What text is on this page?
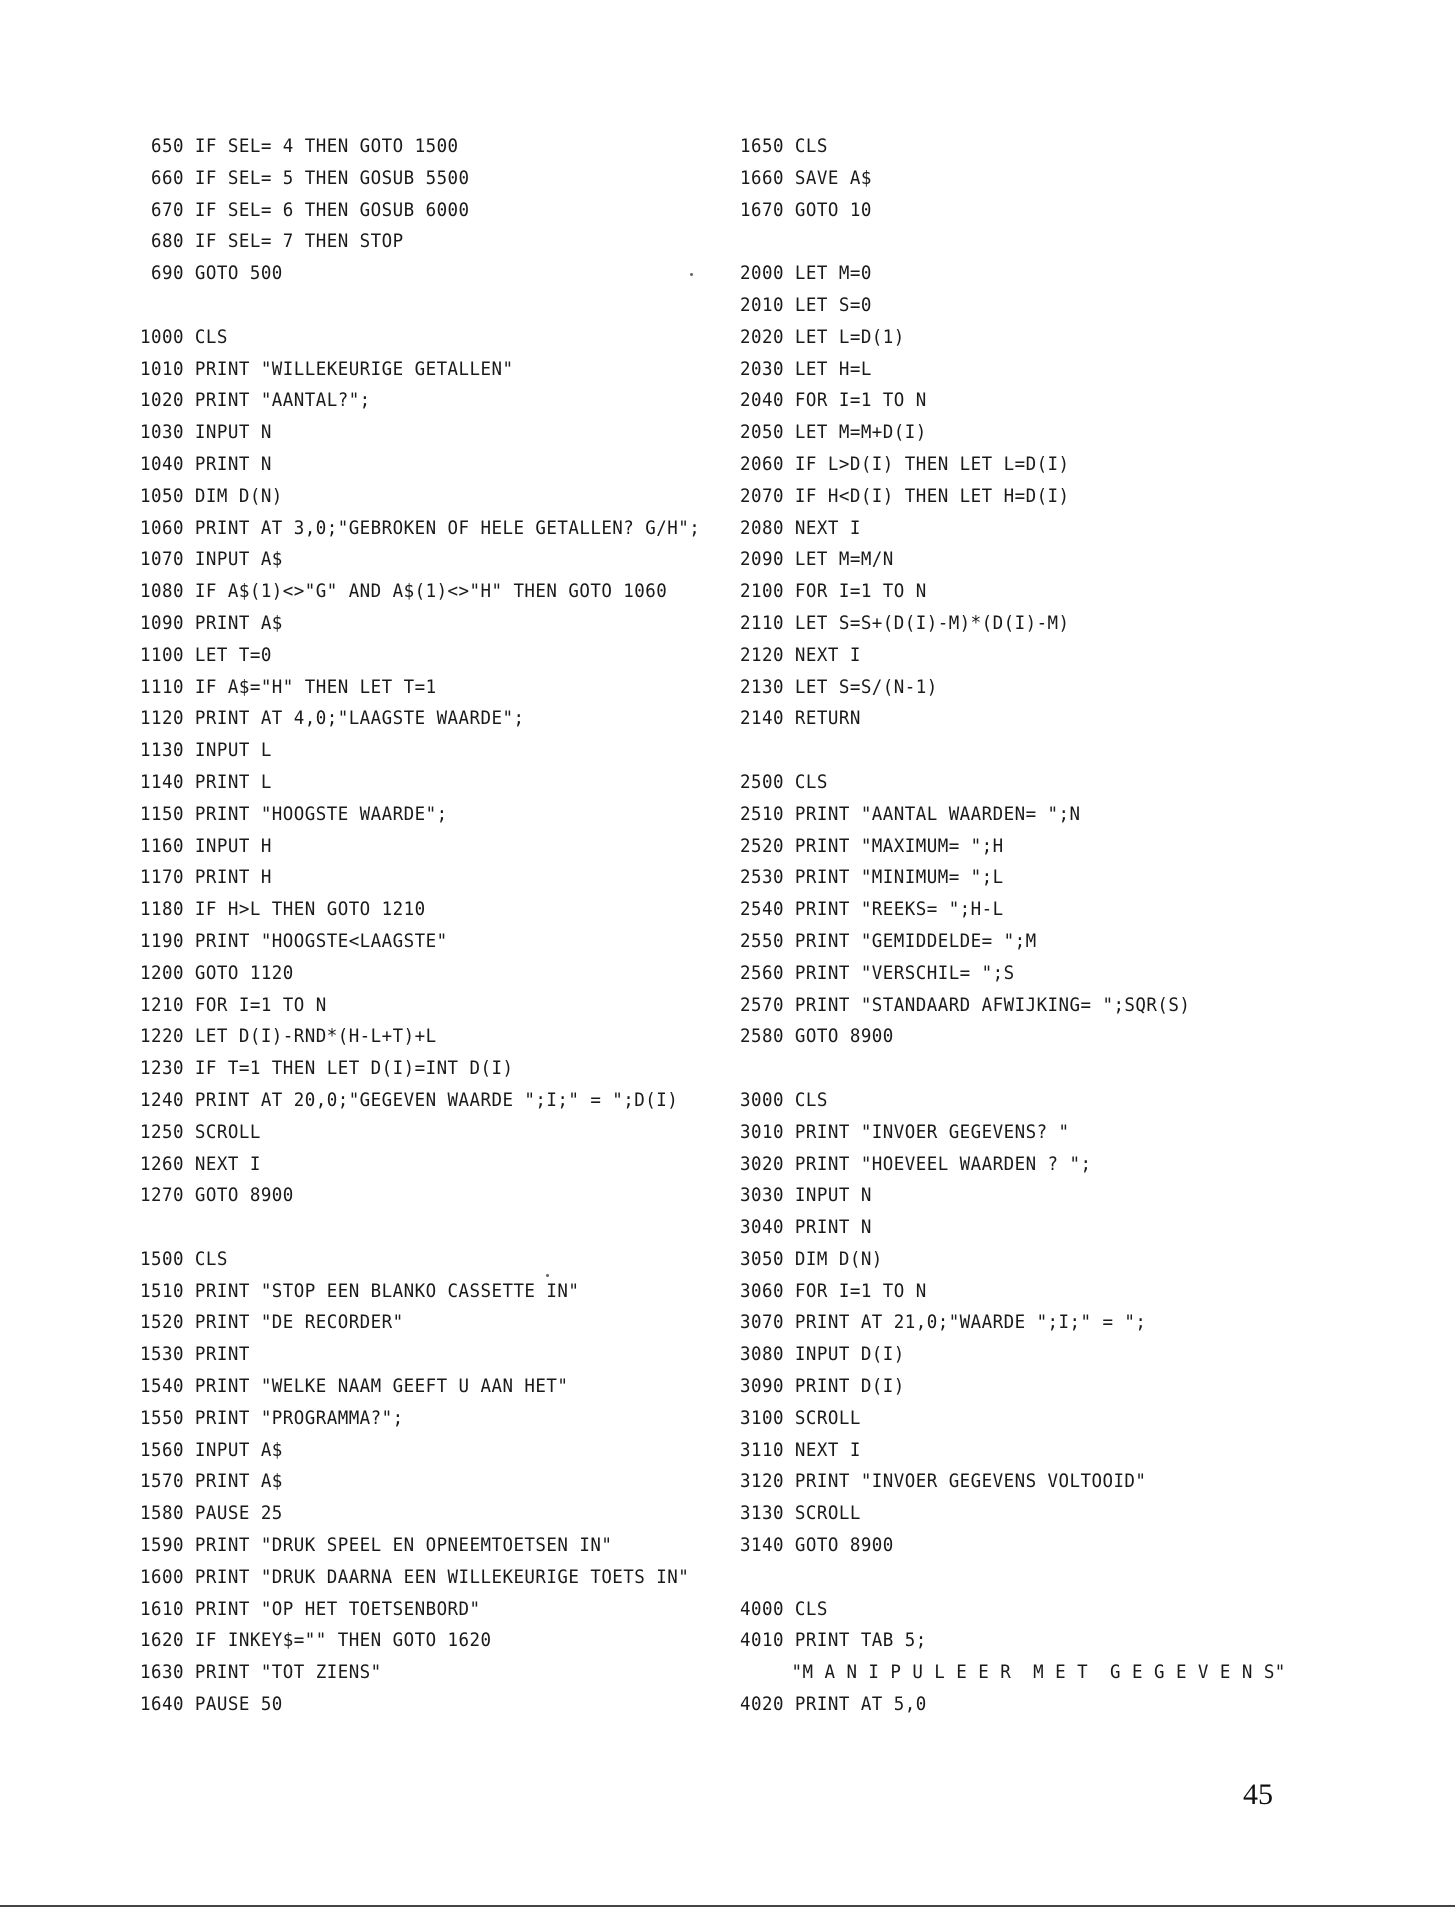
650 IF SEL= 4 THEN GOTO 1500
660 IF SEL= 5 THEN GOSUB 5500
670 IF SEL= 6 THEN GOSUB 6000
680 IF SEL= 7 THEN STOP
690 GOTO 500
1000 CLS
1010 PRINT "WILLEKEURIGE GETALLEN"
1020 PRINT "AANTAL?";
1030 INPUT N
1040 PRINT N
1050 DIM D(N)
1060 PRINT AT 3,0;"GEBROKEN OF HELE GETALLEN? G/H";
1070 INPUT A$
1080 IF A$(1)<>"G" AND A$(1)<>"H" THEN GOTO 1060
1090 PRINT A$
1100 LET T=0
1110 IF A$="H" THEN LET T=1
1120 PRINT AT 4,0;"LAAGSTE WAARDE";
1130 INPUT L
1140 PRINT L
1150 PRINT "HOOGSTE WAARDE";
1160 INPUT H
1170 PRINT H
1180 IF H>L THEN GOTO 1210
1190 PRINT "HOOGSTE<LAAGSTE"
1200 GOTO 1120
1210 FOR I=1 TO N
1220 LET D(I)-RND*(H-L+T)+L
1230 IF T=1 THEN LET D(I)=INT D(I)
1240 PRINT AT 20,0;"GEGEVEN WAARDE ";I;" = ";D(I)
1250 SCROLL
1260 NEXT I
1270 GOTO 8900
1500 CLS
1510 PRINT "STOP EEN BLANKO CASSETTE IN"
1520 PRINT "DE RECORDER"
1530 PRINT
1540 PRINT "WELKE NAAM GEEFT U AAN HET"
1550 PRINT "PROGRAMMA?";
1560 INPUT A$
1570 PRINT A$
1580 PAUSE 25
1590 PRINT "DRUK SPEEL EN OPNEEMTOETSEN IN"
1600 PRINT "DRUK DAARNA EEN WILLEKEURIGE TOETS IN"
1610 PRINT "OP HET TOETSENBORD"
1620 IF INKEY$="" THEN GOTO 1620
1630 PRINT "TOT ZIENS"
1640 PAUSE 50
1650 CLS
1660 SAVE A$
1670 GOTO 10
2000 LET M=0
2010 LET S=0
2020 LET L=D(1)
2030 LET H=L
2040 FOR I=1 TO N
2050 LET M=M+D(I)
2060 IF L>D(I) THEN LET L=D(I)
2070 IF H<D(I) THEN LET H=D(I)
2080 NEXT I
2090 LET M=M/N
2100 FOR I=1 TO N
2110 LET S=S+(D(I)-M)*(D(I)-M)
2120 NEXT I
2130 LET S=S/(N-1)
2140 RETURN
2500 CLS
2510 PRINT "AANTAL WAARDEN= ";N
2520 PRINT "MAXIMUM= ";H
2530 PRINT "MINIMUM= ";L
2540 PRINT "REEKS= ";H-L
2550 PRINT "GEMIDDELDE= ";M
2560 PRINT "VERSCHIL= ";S
2570 PRINT "STANDAARD AFWIJKING= ";SQR(S)
2580 GOTO 8900
3000 CLS
3010 PRINT "INVOER GEGEVENS? "
3020 PRINT "HOEVEEL WAARDEN ? ";
3030 INPUT N
3040 PRINT N
3050 DIM D(N)
3060 FOR I=1 TO N
3070 PRINT AT 21,0;"WAARDE ";I;" = ";
3080 INPUT D(I)
3090 PRINT D(I)
3100 SCROLL
3110 NEXT I
3120 PRINT "INVOER GEGEVENS VOLTOOID"
3130 SCROLL
3140 GOTO 8900
4000 CLS
4010 PRINT TAB 5;
"M A N I P U L E E R  M E T  G E G E V E N S"
4020 PRINT AT 5,0
45
